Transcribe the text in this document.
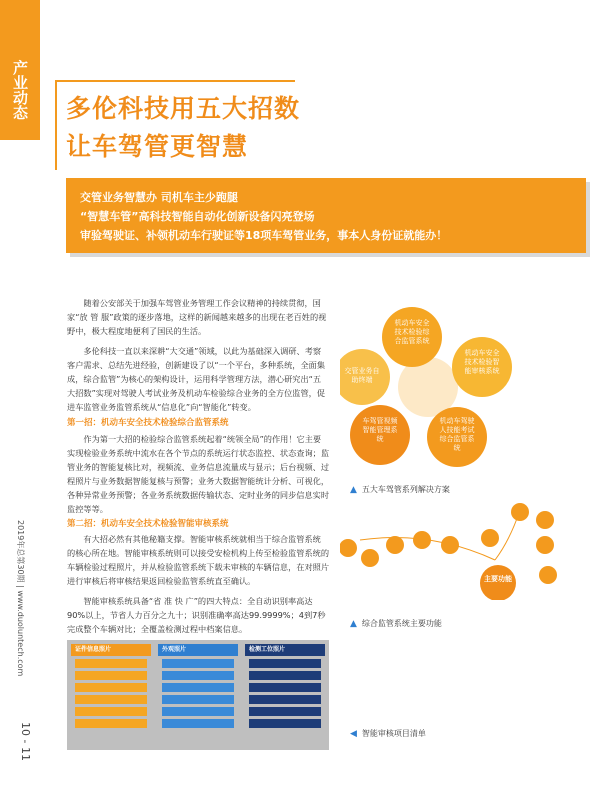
产业动态
2019年总第30期 | www.duoluntech.com
10 - 11
多伦科技用五大招数
让车驾管更智慧
交管业务智慧办 司机车主少跑腿
“智慧车管”高科技智能自动化创新设备闪亮登场
审验驾驶证、补领机动车行驶证等18项车驾管业务，事本人身份证就能办！

随着公安部关于加强车驾管业务管理工作会议精神的持续贯彻，国家“放 管 服”政策的逐步落地，这样的新闻越来越多的出现在老百姓的视野中，极大程度地便利了国民的生活。

多伦科技一直以来深耕“大交通”领域，以此为基础深入调研、考察客户需求、总结先进经验，创新建设了以“一个平台，多种系统，全面集成，综合监管”为核心的架构设计，运用科学管理方法，潜心研究出“五大招数”实现对驾驶人考试业务及机动车检验综合业务的全方位监管，促进车监管业务监管系统从“信息化”向“智能化”转变。

第一招：机动车安全技术检验综合监管系统

作为第一大招的检验综合监管系统起着“统领全局”的作用！它主要实现检验业务系统中流水在各个节点的系统运行状态监控、状态查询；监管业务的智能复核比对，视频流、业务信息流量成与显示；后台视频、过程照片与业务数据智能复核与预警；业务大数据智能统计分析、可视化，各种异常业务预警；各业务系统数据传输状态、定时业务的同步信息实时监控等等。

第二招：机动车安全技术检验智能审核系统

有大招必然有其他秘籍支撑。智能审核系统就相当于综合监管系统的核心所在地。智能审核系统则可以接受安检机构上传至检验监管系统的车辆检验过程照片，并从检验监管系统下载未审核的车辆信息，在对照片进行审核后将审核结果返回检验监管系统直至确认。

智能审核系统具备“省 准 快 广”的四大特点：全自动识别率高达90%以上，节省人力百分之九十；识别准确率高达99.9999%；4到7秒完成整个车辆对比；全覆盖检测过程中档案信息。

机动车安全技术检验综合监管系统
机动车安全技术检验智能审核系统
机动车驾驶人技能考试综合监管系统
车驾管视频智能管理系统
交管业务自助终端
▲ 五大车驾管系列解决方案
主要功能
▲ 综合监管系统主要功能
证件信息照片	外观照片	检测工位照片
◀ 智能审核项目清单
